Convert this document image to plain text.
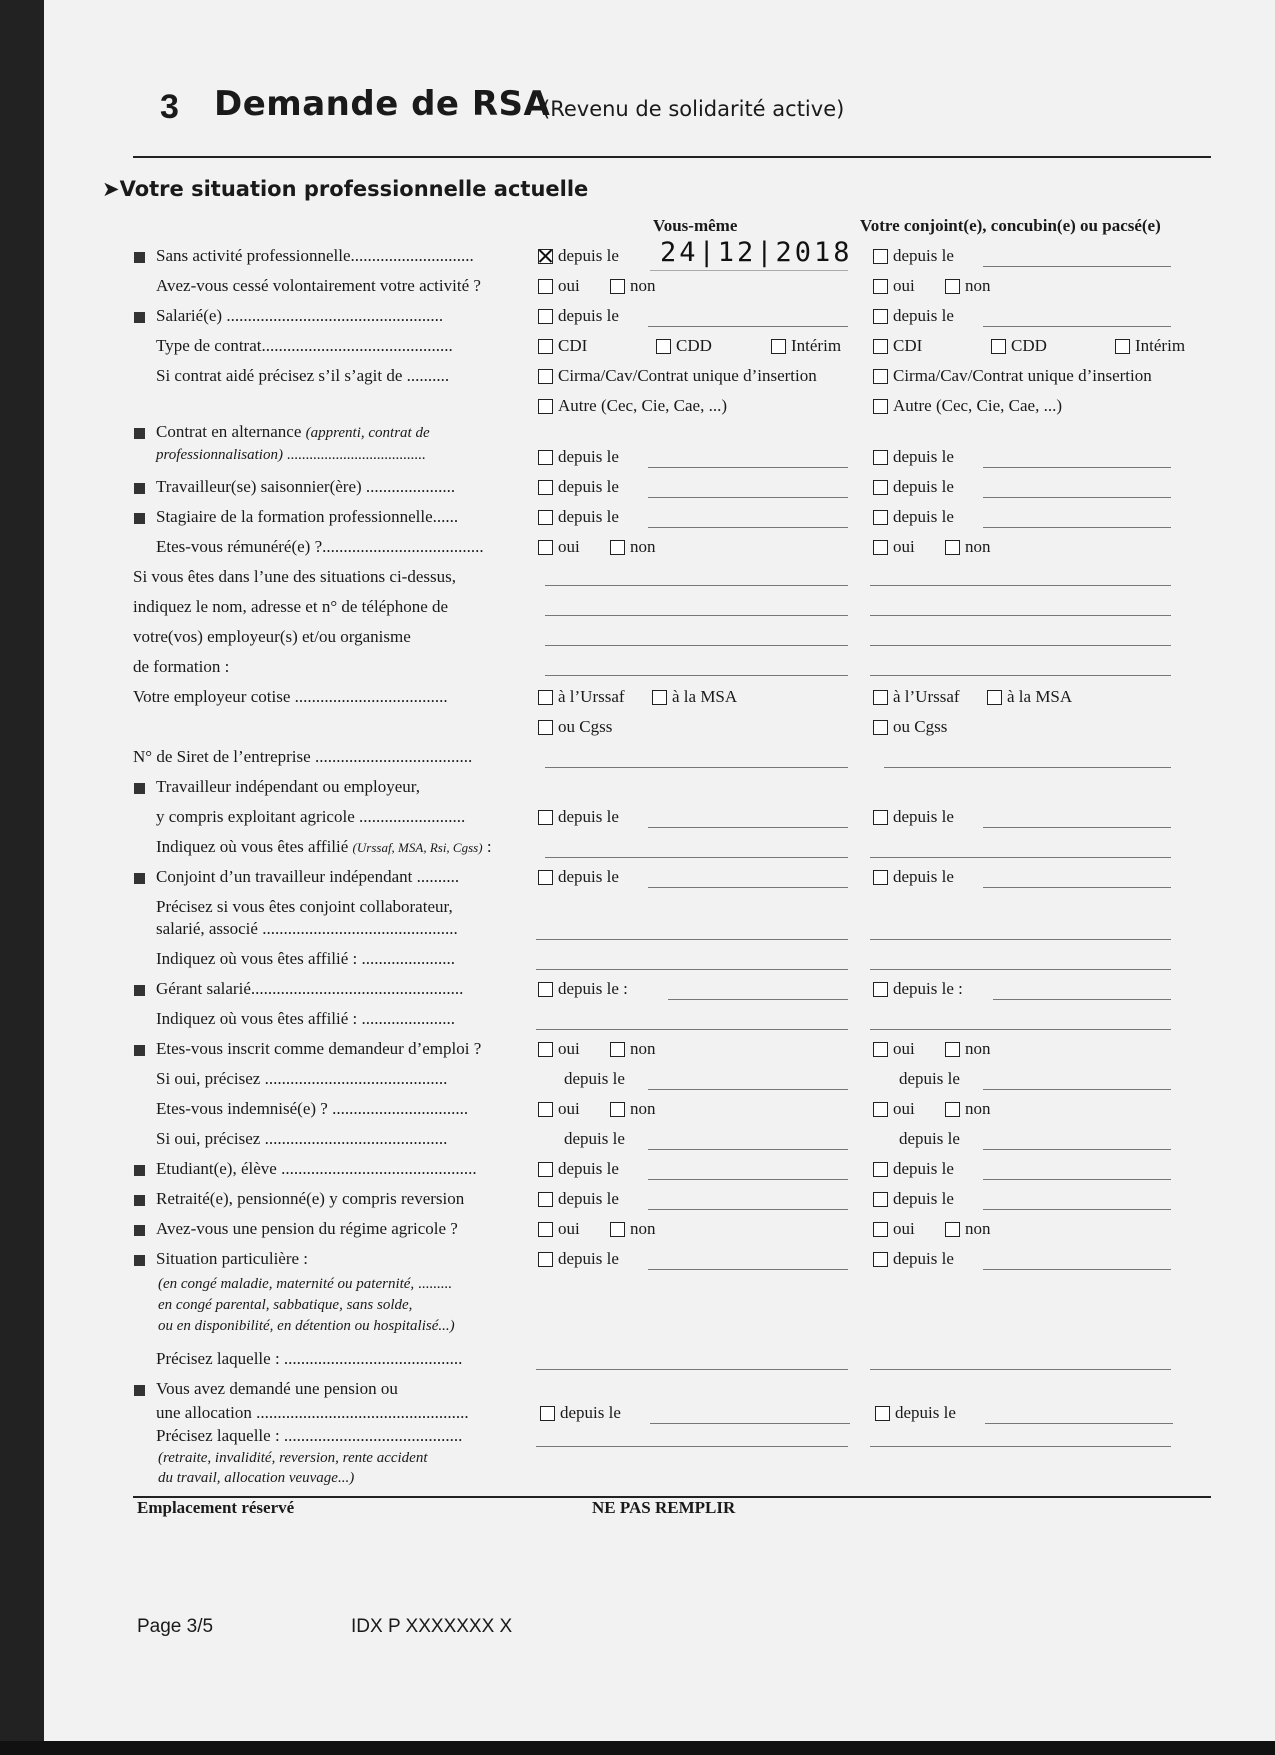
3 Demande de RSA
(Revenu de solidarité active)
➤Votre situation professionnelle actuelle
Vous-même	Votre conjoint(e), concubin(e) ou pacsé(e)
Sans activité professionnelle.............................	depuis le 24|12|2018 depuis le
Avez-vous cessé volontairement votre activité ?	oui	non	oui	non
Salarié(e) ...................................................	depuis le	depuis le
Type de contrat.............................................	CDI	CDD	Intérim	CDI	CDD	Intérim
Si contrat aidé précisez s’il s’agit de ..........	Cirma/Cav/Contrat unique d’insertion	Cirma/Cav/Contrat unique d’insertion
Autre (Cec, Cie, Cae, ...)	Autre (Cec, Cie, Cae, ...)
Contrat en alternance (apprenti, contrat de
professionnalisation) .....................................	depuis le	depuis le
Travailleur(se) saisonnier(ère) .....................	depuis le	depuis le
Stagiaire de la formation professionnelle......	depuis le	depuis le
Etes-vous rémunéré(e) ?......................................	oui	non	oui	non
Si vous êtes dans l’une des situations ci-dessus,
indiquez le nom, adresse et n° de téléphone de
votre(vos) employeur(s) et/ou organisme
de formation :
Votre employeur cotise ....................................	à l’Urssaf	à la MSA	à l’Urssaf	à la MSA
ou Cgss	ou Cgss
N° de Siret de l’entreprise .....................................
Travailleur indépendant ou employeur,
y compris exploitant agricole .........................	depuis le	depuis le
Indiquez où vous êtes affilié (Urssaf, MSA, Rsi, Cgss) :
Conjoint d’un travailleur indépendant ..........	depuis le	depuis le
Précisez si vous êtes conjoint collaborateur,
salarié, associé ..............................................
Indiquez où vous êtes affilié : ......................
Gérant salarié..................................................	depuis le :	depuis le :
Indiquez où vous êtes affilié : ......................
Etes-vous inscrit comme demandeur d’emploi ?	oui	non	oui	non
Si oui, précisez ...........................................	depuis le	depuis le
Etes-vous indemnisé(e) ? ................................	oui	non	oui	non
Si oui, précisez ...........................................	depuis le	depuis le
Etudiant(e), élève ..............................................	depuis le	depuis le
Retraité(e), pensionné(e) y compris reversion	depuis le	depuis le
Avez-vous une pension du régime agricole ?	oui	non	oui	non
Situation particulière :	depuis le	depuis le
(en congé maladie, maternité ou paternité, .........
en congé parental, sabbatique, sans solde,
ou en disponibilité, en détention ou hospitalisé...)
Précisez laquelle : ..........................................
Vous avez demandé une pension ou
une allocation ..................................................	depuis le	depuis le
Précisez laquelle : ..........................................
(retraite, invalidité, reversion, rente accident
du travail, allocation veuvage...)
Emplacement réservé	NE PAS REMPLIR
Page 3/5	IDX P XXXXXXX X
